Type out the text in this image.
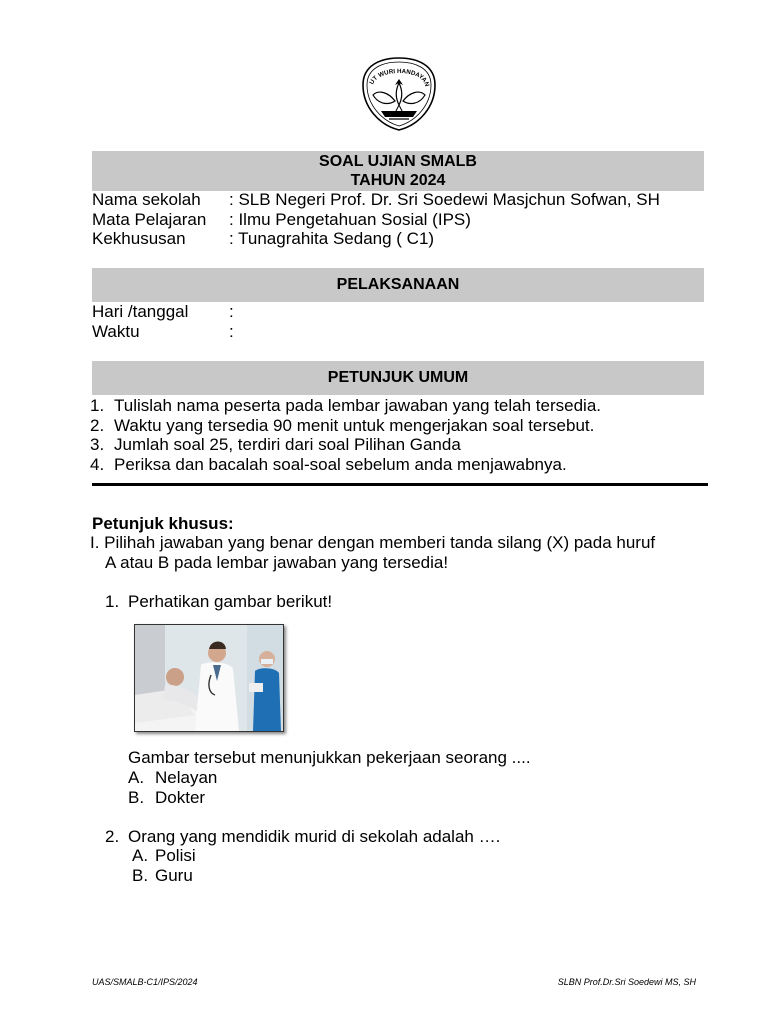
UT WURI HANDAYAN
SOAL UJIAN SMALB
TAHUN 2024
Nama sekolah : SLB Negeri Prof. Dr. Sri Soedewi Masjchun Sofwan, SH
Mata Pelajaran : Ilmu Pengetahuan Sosial (IPS)
Kekhususan	: Tunagrahita Sedang ( C1)
PELAKSANAAN
Hari /tanggal :
Waktu	:
PETUNJUK UMUM
1. Tulislah nama peserta pada lembar jawaban yang telah tersedia.
2. Waktu yang tersedia 90 menit untuk mengerjakan soal tersebut.
3. Jumlah soal 25, terdiri dari soal Pilihan Ganda
4. Periksa dan bacalah soal-soal sebelum anda menjawabnya.
Petunjuk khusus:
I. Pilihah jawaban yang benar dengan memberi tanda silang (X) pada huruf
A atau B pada lembar jawaban yang tersedia!
1. Perhatikan gambar berikut!
Gambar tersebut menunjukkan pekerjaan seorang ....
A. Nelayan
B. Dokter
2. Orang yang mendidik murid di sekolah adalah ….
A. Polisi
B. Guru
UAS/SMALB-C1/IPS/2024	SLBN Prof.Dr.Sri Soedewi MS, SH
